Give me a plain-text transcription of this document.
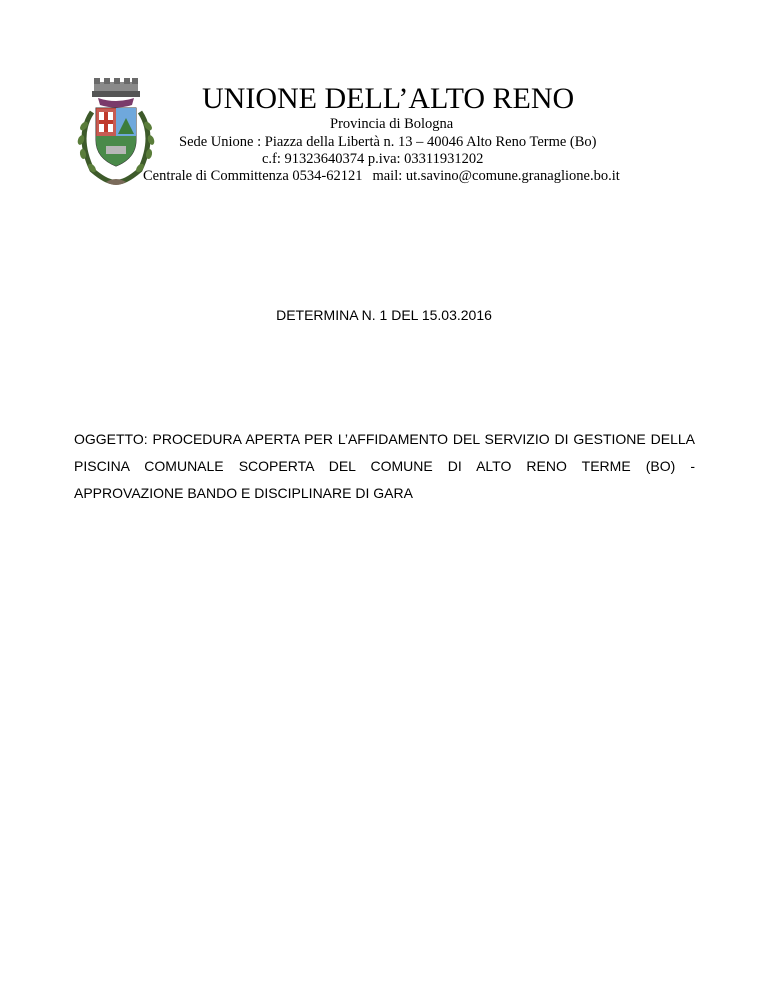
UNIONE DELL’ALTO RENO
Provincia di Bologna
Sede Unione : Piazza della Libertà n. 13 – 40046 Alto Reno Terme (Bo)
c.f: 91323640374 p.iva: 03311931202
Centrale di Committenza 0534-62121 mail: ut.savino@comune.granaglione.bo.it
DETERMINA N. 1 DEL 15.03.2016
OGGETTO: PROCEDURA APERTA PER L’AFFIDAMENTO DEL SERVIZIO DI GESTIONE DELLA PISCINA COMUNALE SCOPERTA DEL COMUNE DI ALTO RENO TERME (BO) - APPROVAZIONE BANDO E DISCIPLINARE DI GARA
